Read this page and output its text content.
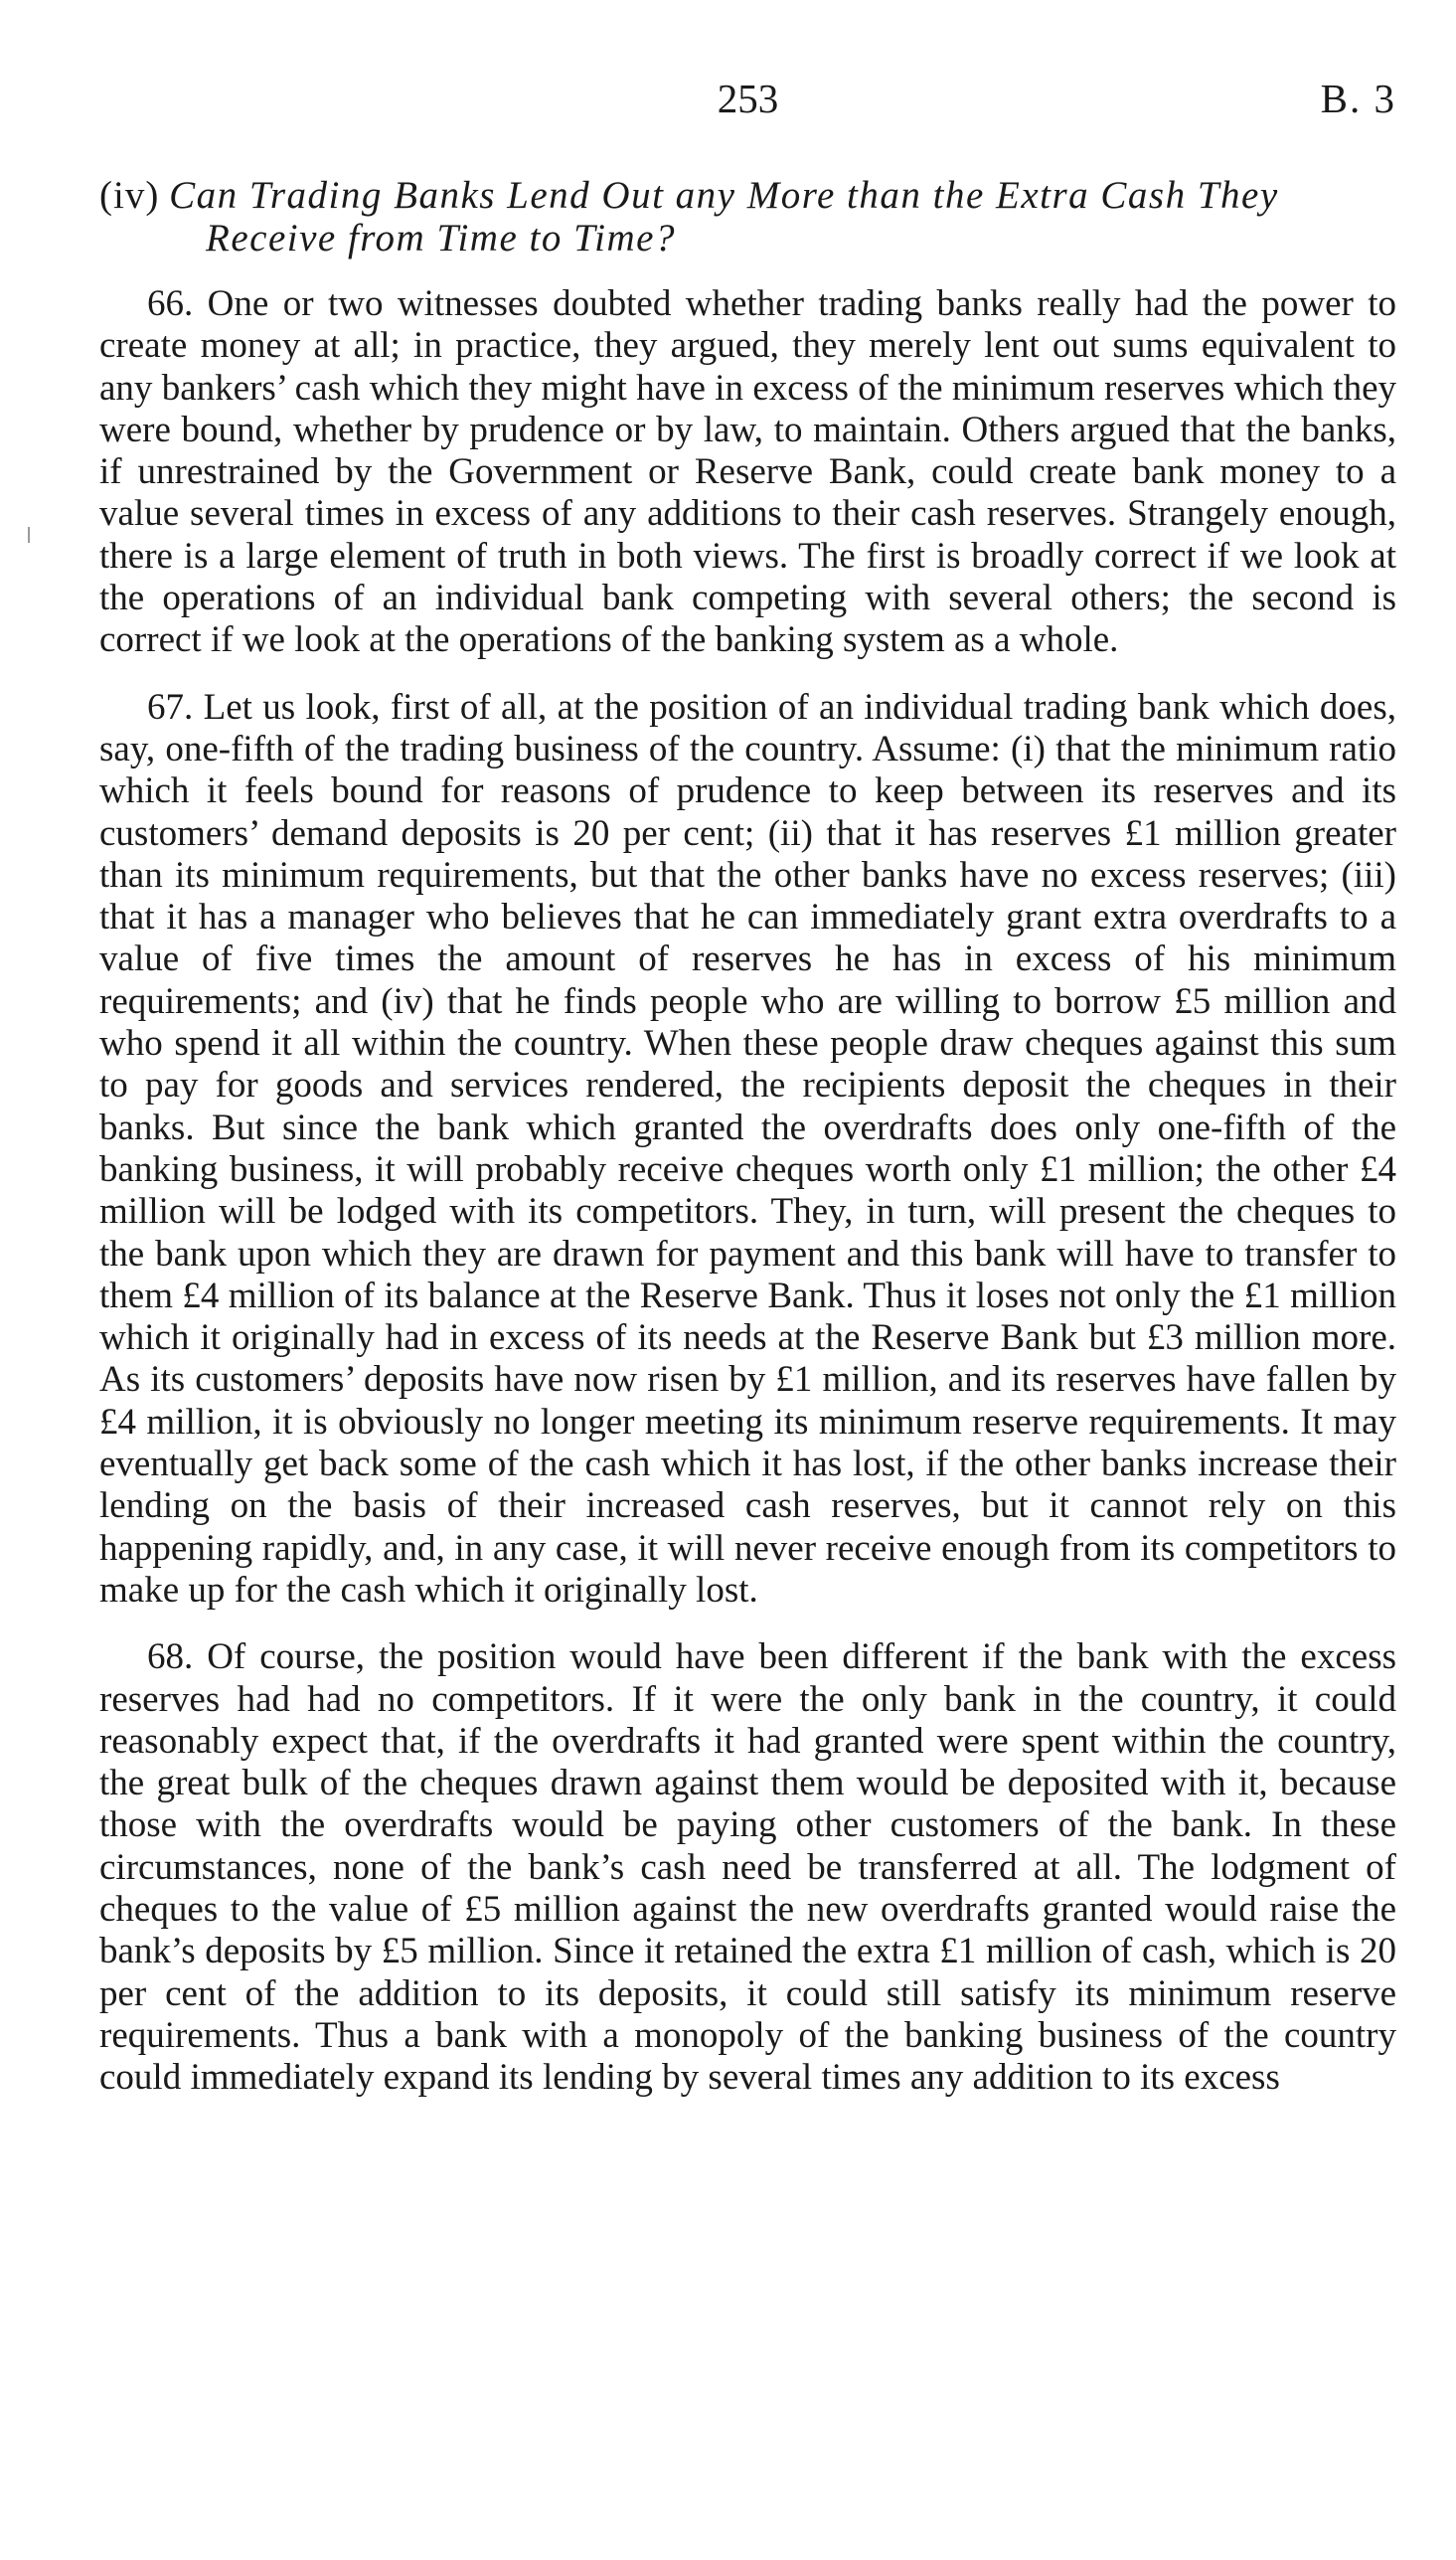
253	B. 3
(iv) Can Trading Banks Lend Out any More than the Extra Cash They Receive from Time to Time?

66. One or two witnesses doubted whether trading banks really had the power to create money at all; in practice, they argued, they merely lent out sums equivalent to any bankers’ cash which they might have in excess of the minimum reserves which they were bound, whether by prudence or by law, to maintain. Others argued that the banks, if unrestrained by the Government or Reserve Bank, could create bank money to a value several times in excess of any additions to their cash reserves. Strangely enough, there is a large element of truth in both views. The first is broadly correct if we look at the operations of an individual bank competing with several others; the second is correct if we look at the operations of the banking system as a whole.

67. Let us look, first of all, at the position of an individual trading bank which does, say, one-fifth of the trading business of the country. Assume: (i) that the minimum ratio which it feels bound for reasons of prudence to keep between its reserves and its customers’ demand deposits is 20 per cent; (ii) that it has reserves £1 million greater than its minimum requirements, but that the other banks have no excess reserves; (iii) that it has a manager who believes that he can immediately grant extra overdrafts to a value of five times the amount of reserves he has in excess of his minimum requirements; and (iv) that he finds people who are willing to borrow £5 million and who spend it all within the country. When these people draw cheques against this sum to pay for goods and services rendered, the recipients deposit the cheques in their banks. But since the bank which granted the overdrafts does only one-fifth of the banking business, it will probably receive cheques worth only £1 million; the other £4 million will be lodged with its competitors. They, in turn, will present the cheques to the bank upon which they are drawn for payment and this bank will have to transfer to them £4 million of its balance at the Reserve Bank. Thus it loses not only the £1 million which it originally had in excess of its needs at the Reserve Bank but £3 million more. As its customers’ deposits have now risen by £1 million, and its reserves have fallen by £4 million, it is obviously no longer meeting its minimum reserve requirements. It may eventually get back some of the cash which it has lost, if the other banks increase their lending on the basis of their increased cash reserves, but it cannot rely on this happening rapidly, and, in any case, it will never receive enough from its competitors to make up for the cash which it originally lost.

68. Of course, the position would have been different if the bank with the excess reserves had had no competitors. If it were the only bank in the country, it could reasonably expect that, if the overdrafts it had granted were spent within the country, the great bulk of the cheques drawn against them would be deposited with it, because those with the overdrafts would be paying other customers of the bank. In these circumstances, none of the bank’s cash need be transferred at all. The lodgment of cheques to the value of £5 million against the new overdrafts granted would raise the bank’s deposits by £5 million. Since it retained the extra £1 million of cash, which is 20 per cent of the addition to its deposits, it could still satisfy its minimum reserve requirements. Thus a bank with a monopoly of the banking business of the country could immediately expand its lending by several times any addition to its excess
